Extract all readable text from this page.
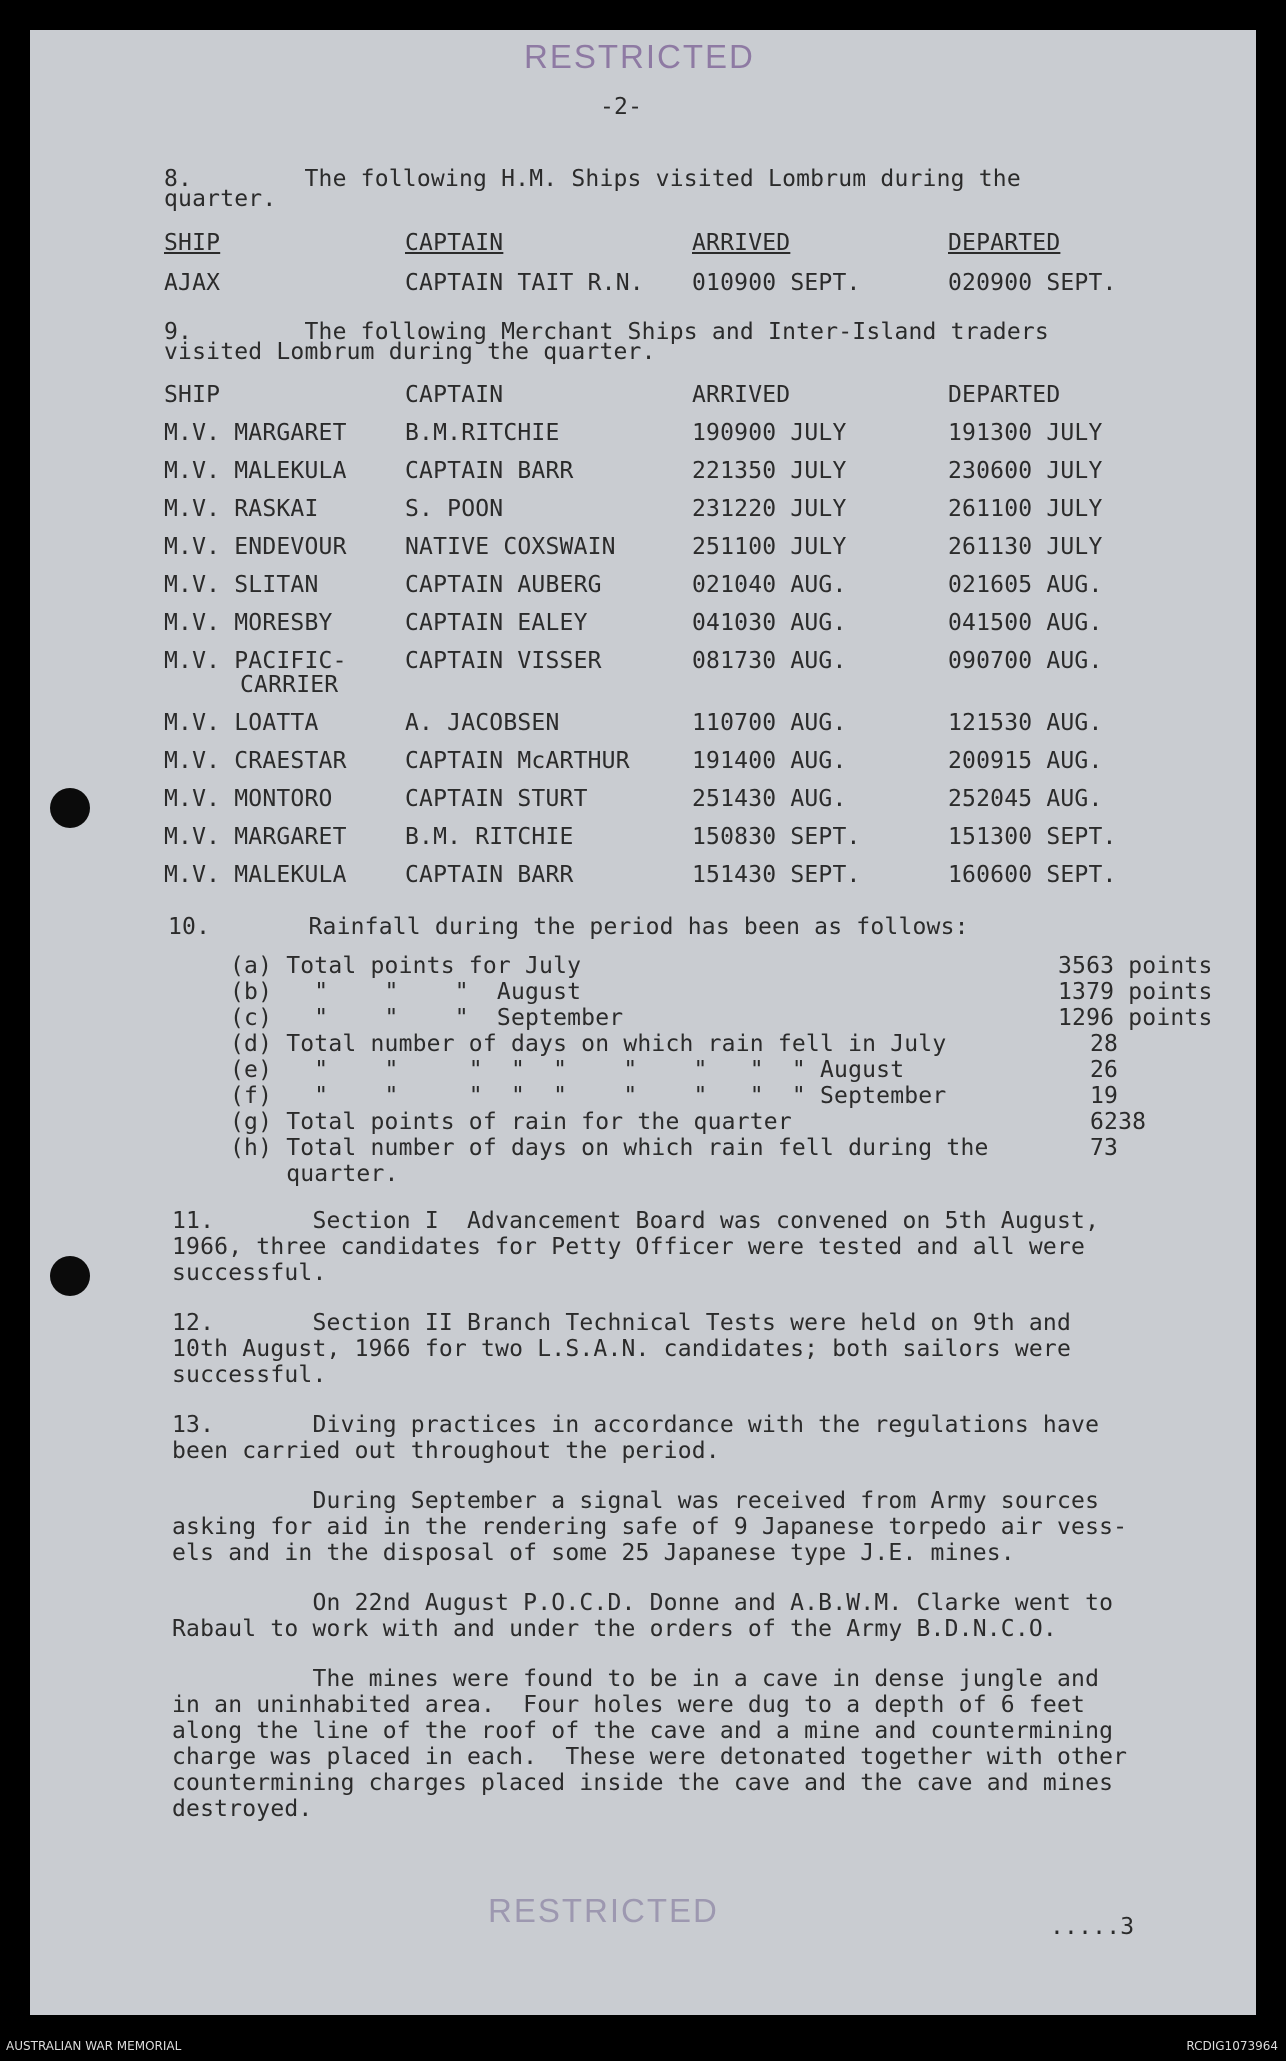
RESTRICTED
-2-
8.        The following H.M. Ships visited Lombrum during the
quarter.
SHIP	CAPTAIN	ARRIVED	DEPARTED
AJAX	CAPTAIN TAIT R.N. 010900 SEPT.	020900 SEPT.
9.        The following Merchant Ships and Inter-Island traders
visited Lombrum during the quarter.
SHIP	CAPTAIN	ARRIVED	DEPARTED
M.V. MARGARET	B.M.RITCHIE	190900 JULY	191300 JULY
M.V. MALEKULA	CAPTAIN BARR	221350 JULY	230600 JULY
M.V. RASKAI	S. POON	231220 JULY	261100 JULY
M.V. ENDEVOUR	NATIVE COXSWAIN	251100 JULY	261130 JULY
M.V. SLITAN	CAPTAIN AUBERG	021040 AUG.	021605 AUG.
M.V. MORESBY	CAPTAIN EALEY	041030 AUG.	041500 AUG.
M.V. PACIFIC-	CAPTAIN VISSER	081730 AUG.	090700 AUG.
CARRIER
M.V. LOATTA	A. JACOBSEN	110700 AUG.	121530 AUG.
M.V. CRAESTAR	CAPTAIN McARTHUR	191400 AUG.	200915 AUG.
M.V. MONTORO	CAPTAIN STURT	251430 AUG.	252045 AUG.
M.V. MARGARET	B.M. RITCHIE	150830 SEPT.	151300 SEPT.
M.V. MALEKULA	CAPTAIN BARR	151430 SEPT.	160600 SEPT.
10.       Rainfall during the period has been as follows:
(a) Total points for July	3563 points
(b)   "    "    "  August	1379 points
(c)   "    "    "  September	1296 points
(d) Total number of days on which rain fell in July	28
(e)   "    "     "  "  "    "    "   "  " August	26
(f)   "    "     "  "  "    "    "   "  " September	19
(g) Total points of rain for the quarter	6238
(h) Total number of days on which rain fell during the	73
quarter.
11.       Section I  Advancement Board was convened on 5th August,
1966, three candidates for Petty Officer were tested and all were
successful.
12.       Section II Branch Technical Tests were held on 9th and
10th August, 1966 for two L.S.A.N. candidates; both sailors were
successful.
13.       Diving practices in accordance with the regulations have
been carried out throughout the period.
During September a signal was received from Army sources
asking for aid in the rendering safe of 9 Japanese torpedo air vess-
els and in the disposal of some 25 Japanese type J.E. mines.
On 22nd August P.O.C.D. Donne and A.B.W.M. Clarke went to
Rabaul to work with and under the orders of the Army B.D.N.C.O.
The mines were found to be in a cave in dense jungle and
in an uninhabited area.  Four holes were dug to a depth of 6 feet
along the line of the roof of the cave and a mine and countermining
charge was placed in each.  These were detonated together with other
countermining charges placed inside the cave and the cave and mines
destroyed.
RESTRICTED	.....3
AUSTRALIAN WAR MEMORIAL	RCDIG1073964
